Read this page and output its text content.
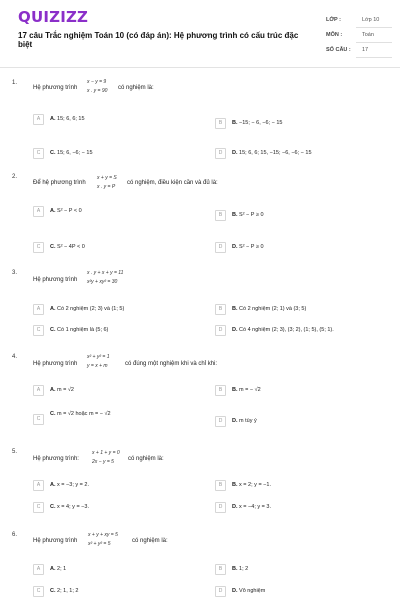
QUIZIZZ
17 câu Trắc nghiệm Toán 10 (có đáp án): Hệ phương trình có cấu trúc đặc biệt
LỚP :	Lớp 10
MÔN :	Toán
SỐ CÂU : 17
1.
Hệ phương trình
x − y = 9
x . y = 90 có nghiệm là:
A	A. 15; 6, 6; 15
B	B. −15; − 6, −6; − 15
C	C. 15; 6, −6; − 15	D	D. 15; 6, 6; 15, −15; −6, −6; − 15
2.
Để hệ phương trình
x + y = S
x . y = P
có nghiệm, điều kiện cần và đủ là:
A	A. S² − P < 0
B	B. S² − P ≥ 0
C	C. S² − 4P < 0	D	D. S² − P ≥ 0
3.
Hệ phương trình
x . y + x + y = 11
x²y + xy² = 30
A	A. Có 2 nghiệm (2; 3) và (1; 5)	B	B. Có 2 nghiệm (2; 1) và (3; 5)
C	C. Có 1 nghiệm là (5; 6)	D	D. Có 4 nghiệm (2; 3), (3; 2), (1; 5), (5; 1).
4.
Hệ phương trình
x² + y² = 1
y = x + m	có đúng một nghiệm khi và chỉ khi:
A	A. m = √2	B	B. m = − √2
C
C. m = √2 hoặc m = − √2
D	D. m tùy ý
5.
Hệ phương trình:
x + 1 + y = 0
2x − y = 5	có nghiệm là:
A	A. x = −3; y = 2.	B	B. x = 2; y = −1.
C	C. x = 4; y = −3.	D	D. x = −4; y = 3.
6.
Hệ phương trình
x + y + xy = 5
x² + y² = 5	có nghiệm là:
A	A. 2; 1	B	B. 1; 2
C	C. 2; 1, 1; 2	D	D. Vô nghiệm
